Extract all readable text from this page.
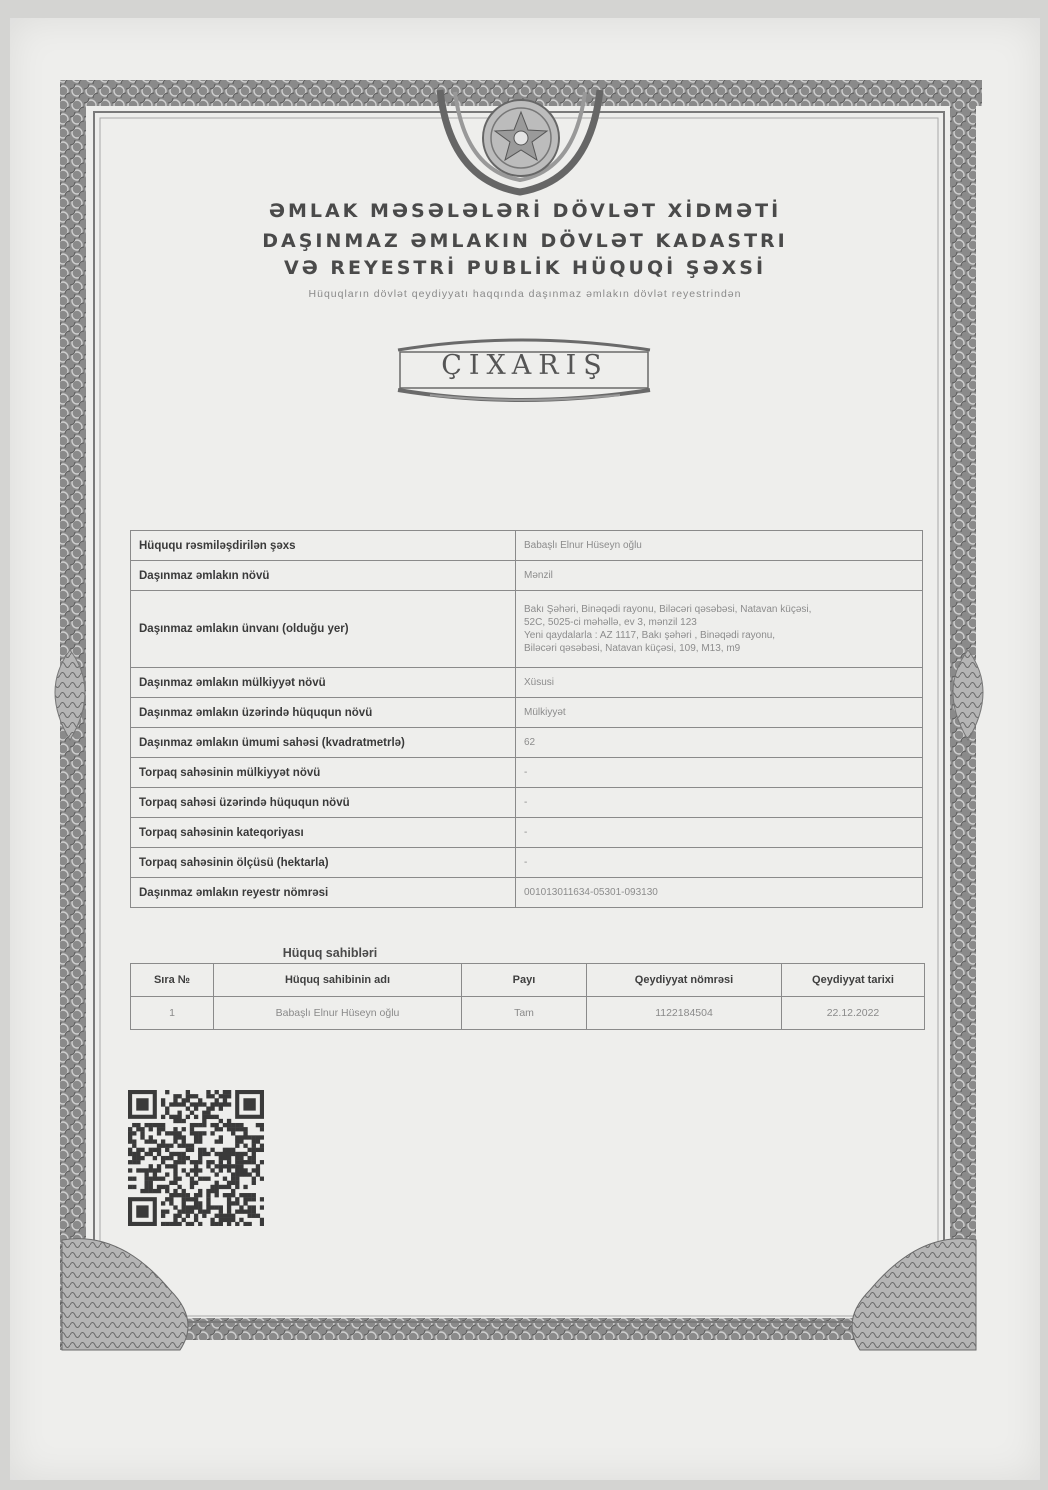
ƏMLAK MƏSƏLƏLƏRİ DÖVLƏT XİDMƏTİ
DAŞINMAZ ƏMLAKIN DÖVLƏT KADASTRI
VƏ REYESTRİ PUBLİK HÜQUQİ ŞƏXSİ
Hüquqların dövlət qeydiyyatı haqqında daşınmaz əmlakın dövlət reyestrindən
ÇIXARIŞ
Hüququ rəsmiləşdirilən şəxs	Babaşlı Elnur Hüseyn oğlu
Daşınmaz əmlakın növü	Mənzil
Daşınmaz əmlakın ünvanı (olduğu yer)	Bakı Şəhəri, Binəqədi rayonu, Biləcəri qəsəbəsi, Natavan küçəsi,
52C, 5025-ci məhəllə, ev 3, mənzil 123
Yeni qaydalarla : AZ 1117, Bakı şəhəri , Binəqədi rayonu,
Biləcəri qəsəbəsi, Natavan küçəsi, 109, M13, m9

Daşınmaz əmlakın mülkiyyət növü	Xüsusi
Daşınmaz əmlakın üzərində hüququn növü	Mülkiyyət
Daşınmaz əmlakın ümumi sahəsi (kvadratmetrlə)	62
Torpaq sahəsinin mülkiyyət növü	-
Torpaq sahəsi üzərində hüququn növü	-
Torpaq sahəsinin kateqoriyası	-
Torpaq sahəsinin ölçüsü (hektarla)	-
Daşınmaz əmlakın reyestr nömrəsi	001013011634-05301-093130
Hüquq sahibləri
Sıra №	Hüquq sahibinin adı	Payı	Qeydiyyat nömrəsi	Qeydiyyat tarixi
1	Babaşlı Elnur Hüseyn oğlu	Tam	1122184504	22.12.2022
